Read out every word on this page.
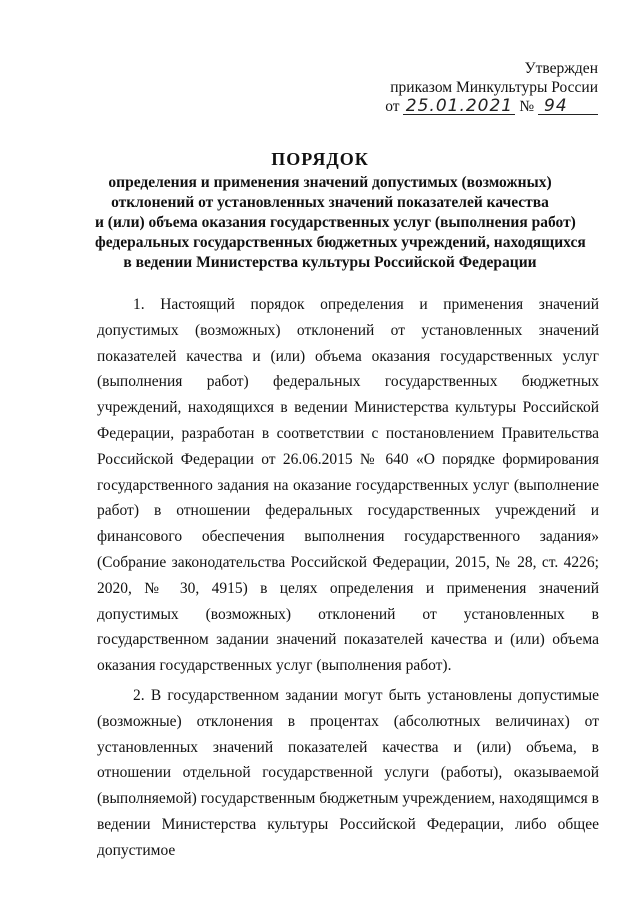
Утвержден
приказом Минкультуры России
от 25.01.2021 № 94
ПОРЯДОК
определения и применения значений допустимых (возможных)
отклонений от установленных значений показателей качества
и (или) объема оказания государственных услуг (выполнения работ)
федеральных государственных бюджетных учреждений, находящихся
в ведении Министерства культуры Российской Федерации

1. Настоящий порядок определения и применения значений допустимых (возможных) отклонений от установленных значений показателей качества и (или) объема оказания государственных услуг (выполнения работ) федеральных государственных бюджетных учреждений, находящихся в ведении Министерства культуры Российской Федерации, разработан в соответствии с постановлением Правительства Российской Федерации от 26.06.2015 № 640 «О порядке формирования государственного задания на оказание государственных услуг (выполнение работ) в отношении федеральных государственных учреждений и финансового обеспечения выполнения государственного задания» (Собрание законодательства Российской Федерации, 2015, № 28, ст. 4226; 2020, № 30, 4915) в целях определения и применения значений допустимых (возможных) отклонений от установленных в государственном задании значений показателей качества и (или) объема оказания государственных услуг (выполнения работ).

2. В государственном задании могут быть установлены допустимые (возможные) отклонения в процентах (абсолютных величинах) от установленных значений показателей качества и (или) объема, в отношении отдельной государственной услуги (работы), оказываемой (выполняемой) государственным бюджетным учреждением, находящимся в ведении Министерства культуры Российской Федерации, либо общее допустимое
